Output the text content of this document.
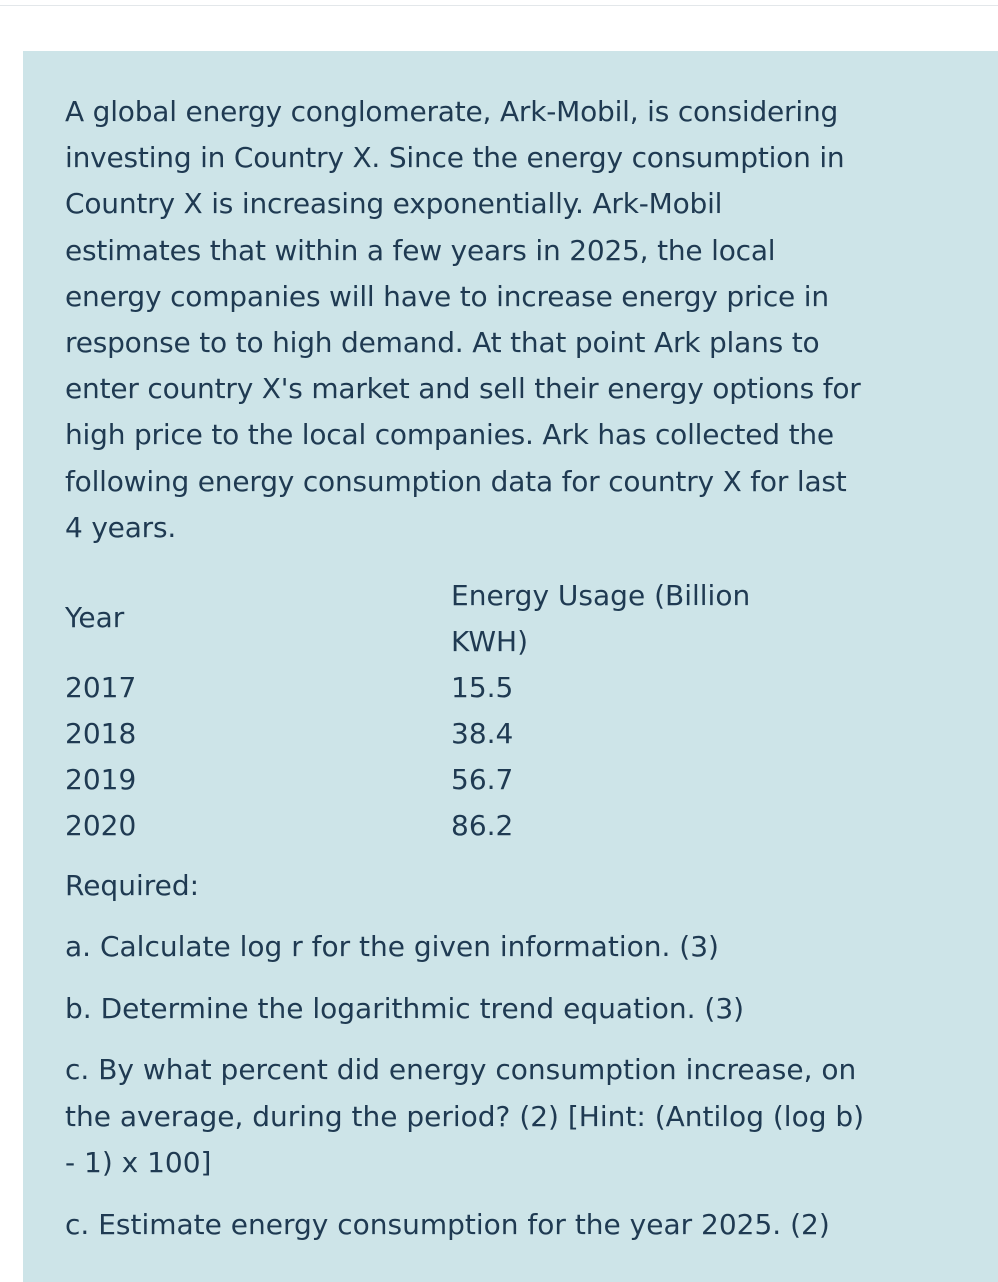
A global energy conglomerate, Ark-Mobil, is considering
investing in Country X. Since the energy consumption in
Country X is increasing exponentially. Ark-Mobil
estimates that within a few years in 2025, the local
energy companies will have to increase energy price in
response to to high demand. At that point Ark plans to
enter country X's market and sell their energy options for
high price to the local companies. Ark has collected the
following energy consumption data for country X for last
4 years.

Year
Energy Usage (Billion
KWH)
2017	15.5
2018	38.4
2019	56.7
2020	86.2
Required:
a. Calculate log r for the given information. (3)
b. Determine the logarithmic trend equation. (3)
c. By what percent did energy consumption increase, on
the average, during the period? (2) [Hint: (Antilog (log b)
- 1) x 100]
c. Estimate energy consumption for the year 2025. (2)
